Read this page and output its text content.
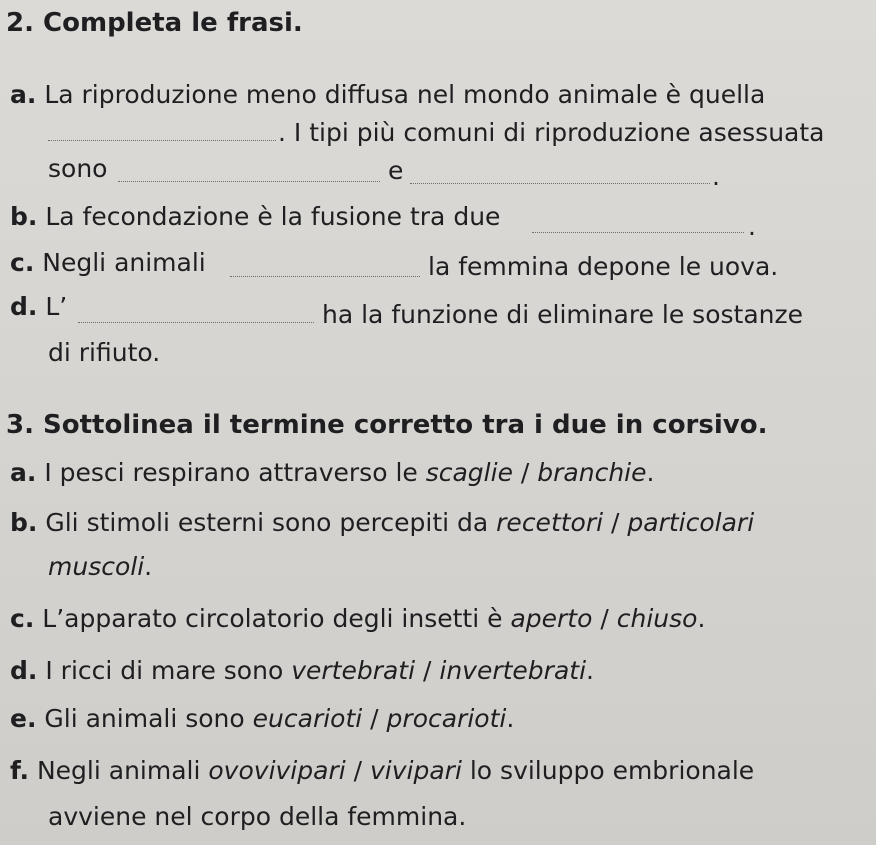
2. Completa le frasi.
a. La riproduzione meno diffusa nel mondo animale è quella
. I tipi più comuni di riproduzione asessuata
sono	e	.
b. La fecondazione è la fusione tra due	.
c. Negli animali	la femmina depone le uova.
d. L’	ha la funzione di eliminare le sostanze
di rifiuto.
3. Sottolinea il termine corretto tra i due in corsivo.
a. I pesci respirano attraverso le scaglie / branchie.
b. Gli stimoli esterni sono percepiti da recettori / particolari
muscoli.
c. L’apparato circolatorio degli insetti è aperto / chiuso.
d. I ricci di mare sono vertebrati / invertebrati.
e. Gli animali sono eucarioti / procarioti.
f. Negli animali ovovivipari / vivipari lo sviluppo embrionale
avviene nel corpo della femmina.
